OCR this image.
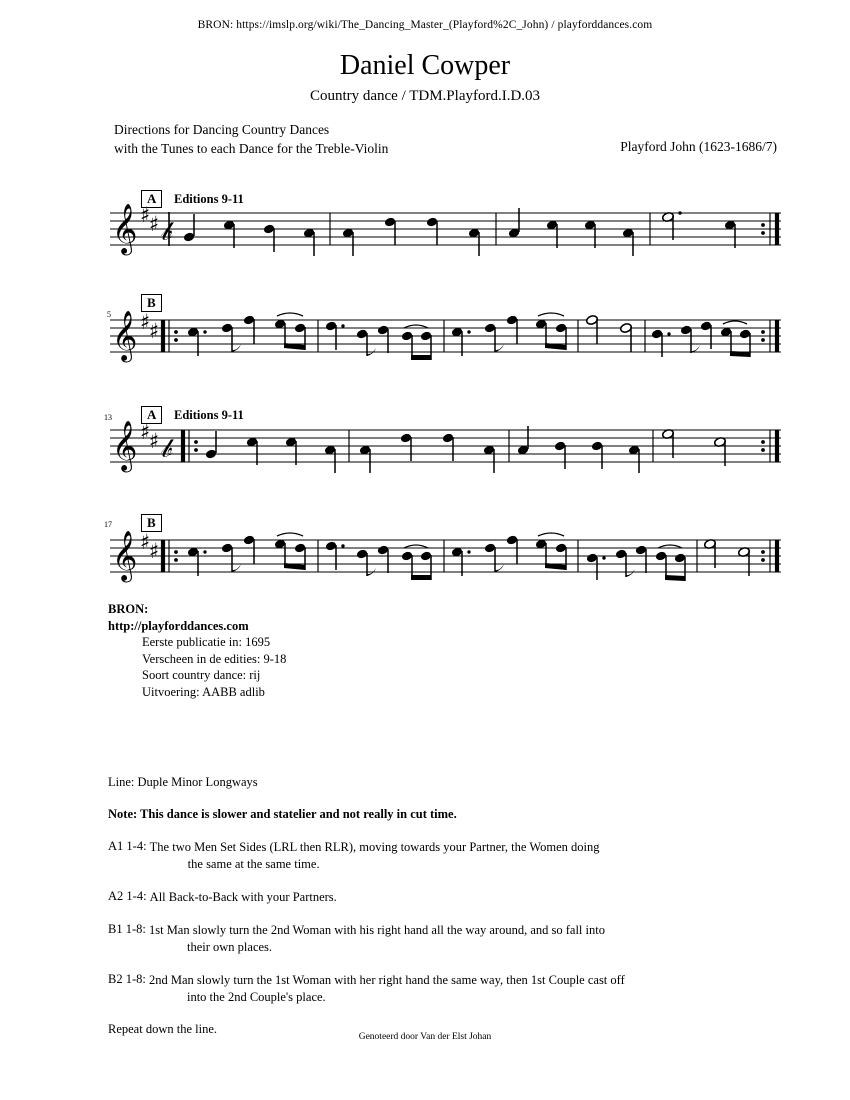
BRON: https://imslp.org/wiki/The_Dancing_Master_(Playford%2C_John) / playforddances.com
Daniel Cowper
Country dance / TDM.Playford.I.D.03
Directions for Dancing Country Dances
with the Tunes to each Dance for the Treble-Violin	Playford John (1623-1686/7)
A	Editions 9-11
𝄞 ♯
♯ 𝒷
B
5 𝄞 ♯
♯
A	Editions 9-11
13
𝄞 ♯
♯ 𝒷
B
17
𝄞 ♯
♯
BRON:
http://playforddances.com
Eerste publicatie in: 1695
Verscheen in de edities: 9-18
Soort country dance: rij
Uitvoering: AABB adlib
Line: Duple Minor Longways
Note: This dance is slower and statelier and not really in cut time.
A1 1-4: The two Men Set Sides (LRL then RLR), moving towards your Partner, the Women doing
the same at the same time.
A2 1-4: All Back-to-Back with your Partners.
B1 1-8: 1st Man slowly turn the 2nd Woman with his right hand all the way around, and so fall into
their own places.
B2 1-8: 2nd Man slowly turn the 1st Woman with her right hand the same way, then 1st Couple cast off
into the 2nd Couple's place.
Repeat down the line.
Genoteerd door Van der Elst Johan
